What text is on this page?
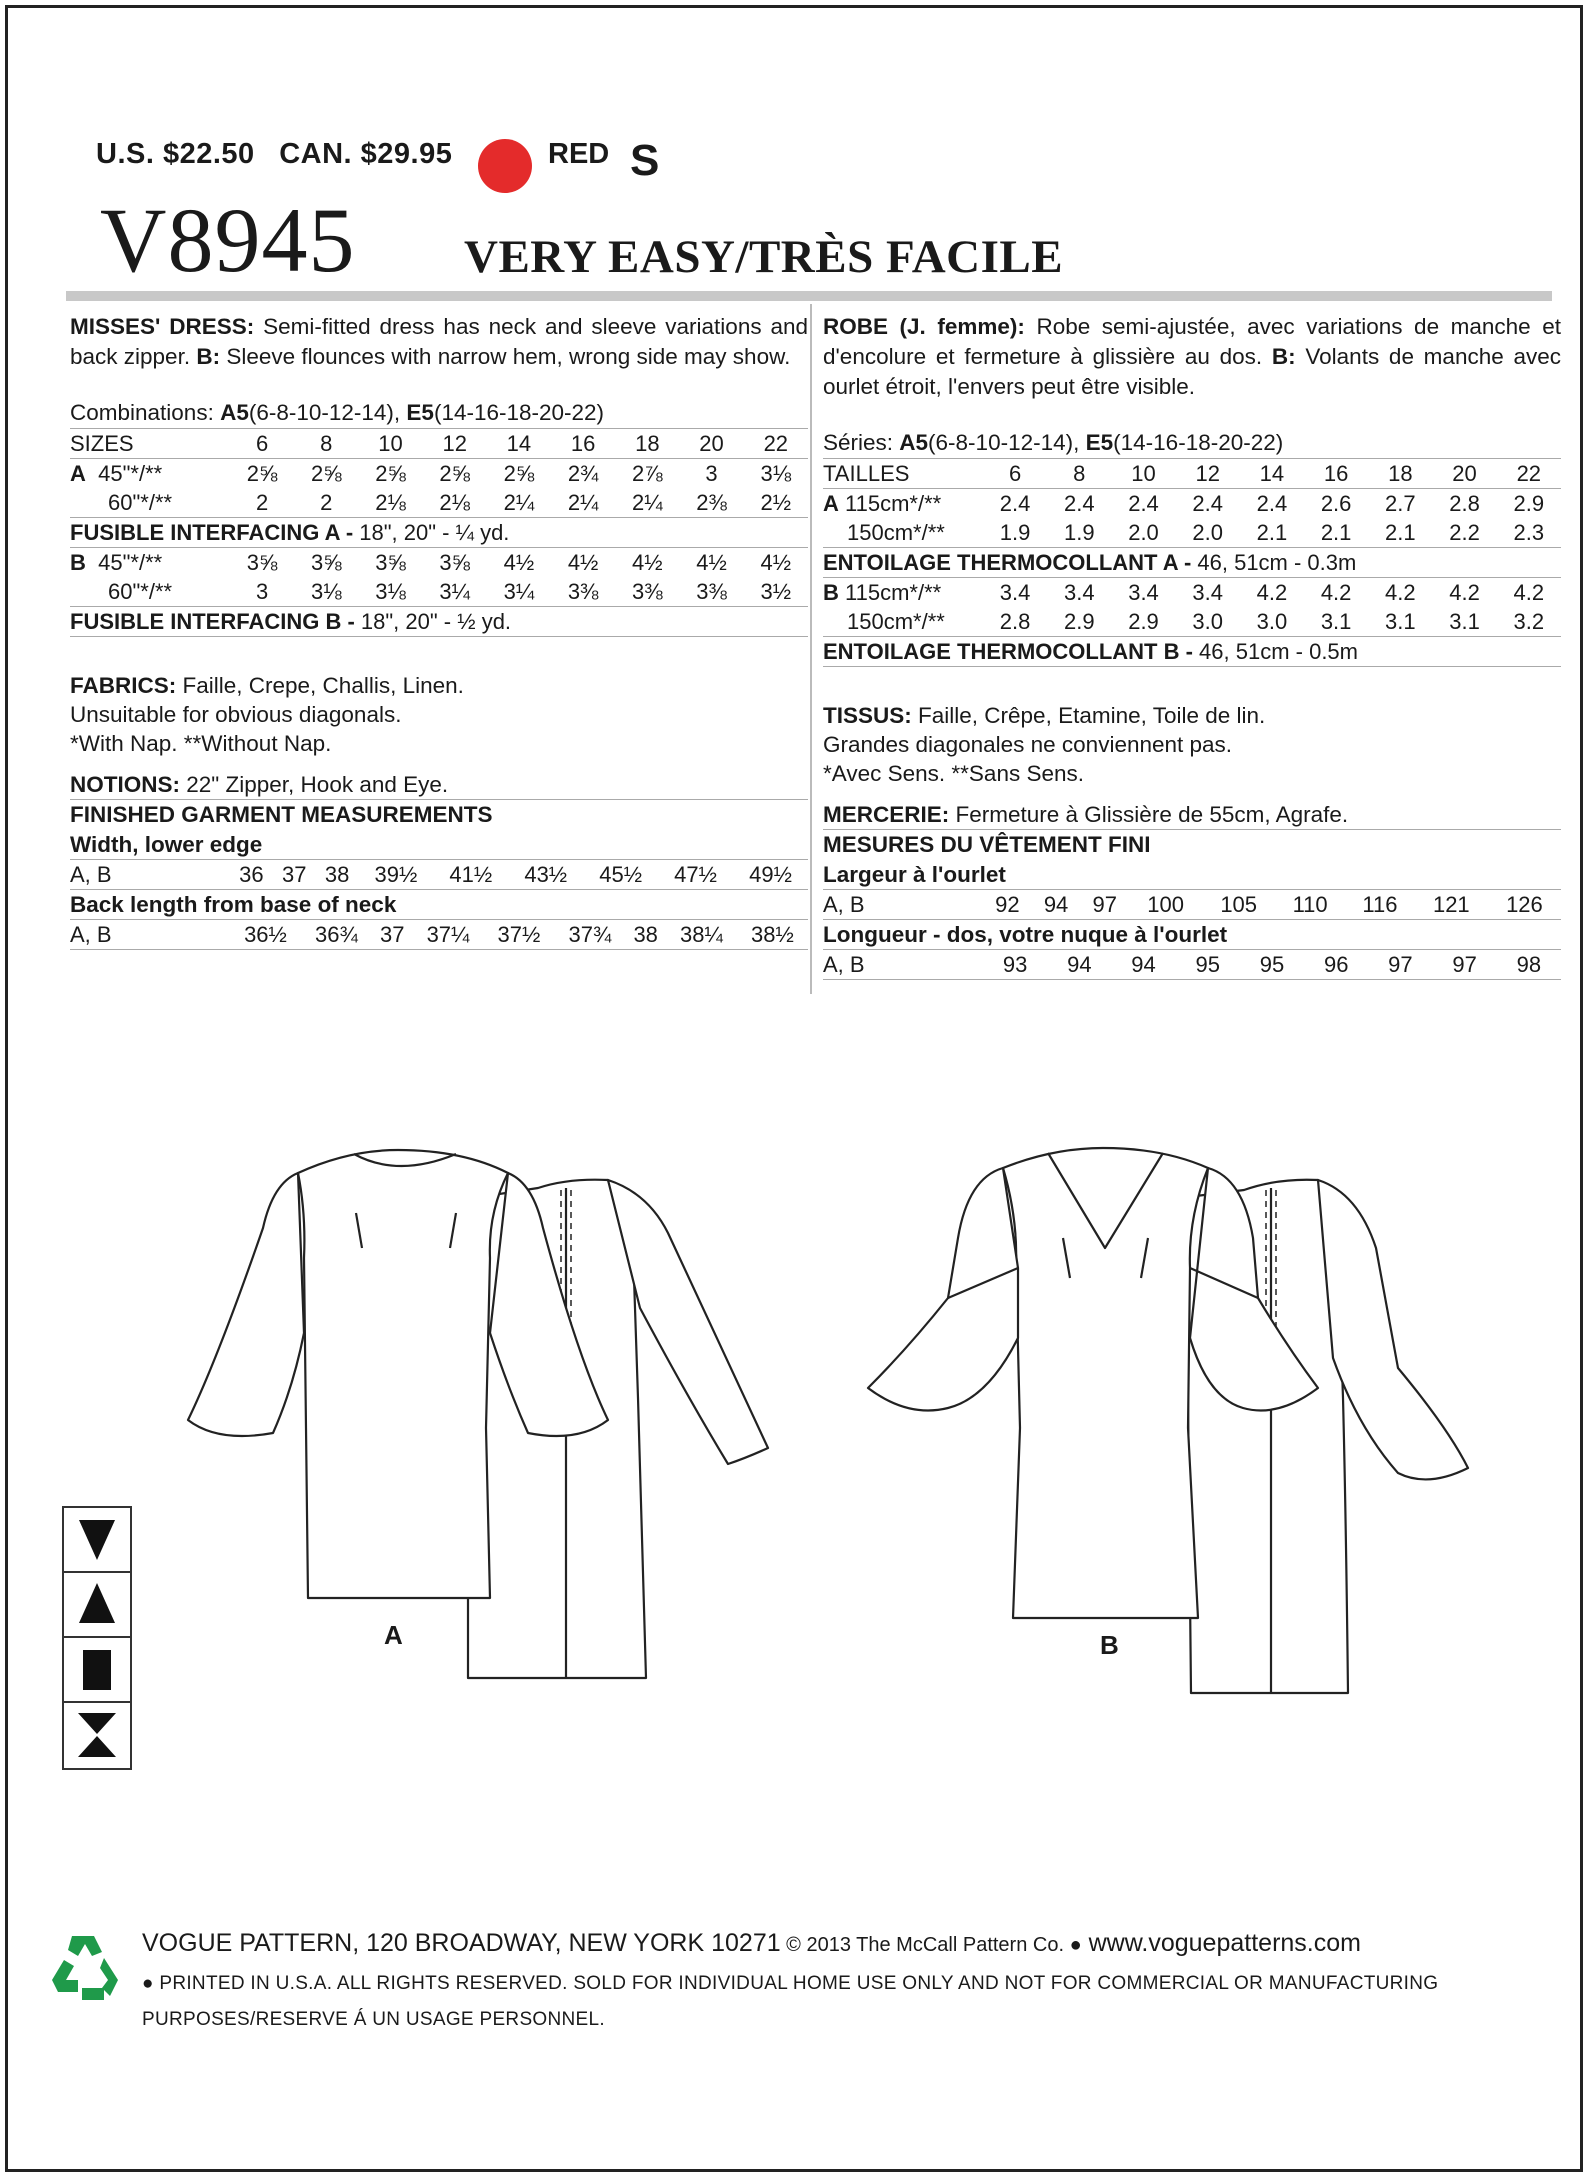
U.S. $22.50 CAN. $29.95	RED S
V8945 VERY EASY/TRÈS FACILE

MISSES' DRESS: Semi-fitted dress has neck and sleeve variations and back zipper. B: Sleeve flounces with narrow hem, wrong side may show.

Combinations: A5(6-8-10-12-14), E5(14-16-18-20-22)
SIZES	6	8	10	12	14	16	18	20	22
A 45"*/**	2⅝	2⅝	2⅝	2⅝	2⅝	2¾	2⅞	3	3⅛
60"*/**	2	2	2⅛	2⅛	2¼	2¼	2¼	2⅜	2½
FUSIBLE INTERFACING A - 18", 20" - ¼ yd.									
B 45"*/**	3⅝	3⅝	3⅝	3⅝	4½	4½	4½	4½	4½
60"*/**	3	3⅛	3⅛	3¼	3¼	3⅜	3⅜	3⅜	3½
FUSIBLE INTERFACING B - 18", 20" - ½ yd.									
FABRICS: Faille, Crepe, Challis, Linen.
Unsuitable for obvious diagonals.
*With Nap. **Without Nap.
NOTIONS: 22" Zipper, Hook and Eye.
FINISHED GARMENT MEASUREMENTS
Width, lower edge
A, B	36	37	38	39½	41½	43½	45½	47½	49½
Back length from base of neck
A, B	36½	36¾	37	37¼	37½	37¾	38	38¼	38½

ROBE (J. femme): Robe semi-ajustée, avec variations de manche et d'encolure et fermeture à glissière au dos. B: Volants de manche avec ourlet étroit, l'envers peut être visible.

Séries: A5(6-8-10-12-14), E5(14-16-18-20-22)
TAILLES	6	8	10	12	14	16	18	20	22
A 115cm*/**	2.4	2.4	2.4	2.4	2.4	2.6	2.7	2.8	2.9
150cm*/**	1.9	1.9	2.0	2.0	2.1	2.1	2.1	2.2	2.3
ENTOILAGE THERMOCOLLANT A - 46, 51cm - 0.3m									
B 115cm*/**	3.4	3.4	3.4	3.4	4.2	4.2	4.2	4.2	4.2
150cm*/**	2.8	2.9	2.9	3.0	3.0	3.1	3.1	3.1	3.2
ENTOILAGE THERMOCOLLANT B - 46, 51cm - 0.5m									
TISSUS: Faille, Crêpe, Etamine, Toile de lin.
Grandes diagonales ne conviennent pas.
*Avec Sens. **Sans Sens.
MERCERIE: Fermeture à Glissière de 55cm, Agrafe.
MESURES DU VÊTEMENT FINI
Largeur à l'ourlet
A, B	92	94	97	100	105	110	116	121	126
Longueur - dos, votre nuque à l'ourlet
A, B	93	94	94	95	95	96	97	97	98
A	B
VOGUE PATTERN, 120 BROADWAY, NEW YORK 10271 © 2013 The McCall Pattern Co. ● www.voguepatterns.com
● PRINTED IN U.S.A. ALL RIGHTS RESERVED. SOLD FOR INDIVIDUAL HOME USE ONLY AND NOT FOR COMMERCIAL OR MANUFACTURING PURPOSES/RESERVE Á UN USAGE PERSONNEL.
